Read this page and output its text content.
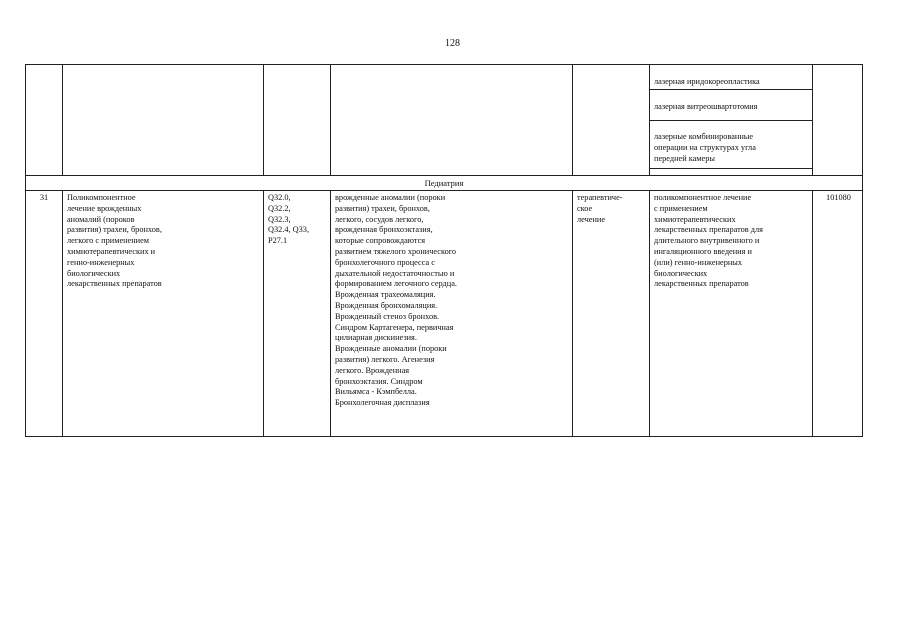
128

лазерная иридокореопластика

лазерная витреошвартотомия

лазерные комбинированные
операции на структурах угла
передней камеры

Педиатрия
31	Поликомпонентное
лечение врожденных
аномалий (пороков
развития) трахеи, бронхов,
легкого с применением
химиотерапевтических и
генно-инженерных
биологических
лекарственных препаратов
Q32.0,
Q32.2,
Q32.3,
Q32.4, Q33,
P27.1
врожденные аномалии (пороки
развития) трахеи, бронхов,
легкого, сосудов легкого,
врожденная бронхоэктазия,
которые сопровождаются
развитием тяжелого хронического
бронхолегочного процесса с
дыхательной недостаточностью и
формированием легочного сердца.
Врожденная трахеомаляция.
Врожденная бронхомаляция.
Врожденный стеноз бронхов.
Синдром Картагенера, первичная
цилиарная дискинезия.
Врожденные аномалии (пороки
развития) легкого. Агенезия
легкого. Врожденная
бронхоэктазия. Синдром
Вильямса - Кэмпбелла.
Бронхолегочная дисплазия
терапевтиче-
ское
лечение
поликомпонентное лечение
с применением
химиотерапевтических
лекарственных препаратов для
длительного внутривенного и
ингаляционного введения и
(или) генно-инженерных
биологических
лекарственных препаратов
101080
